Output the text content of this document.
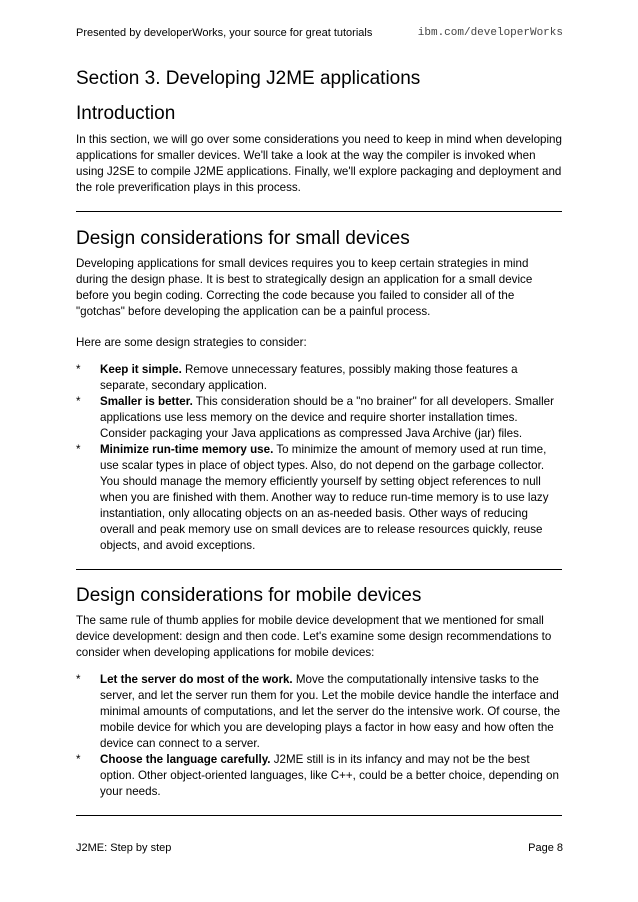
Presented by developerWorks, your source for great tutorials	ibm.com/developerWorks
Section 3. Developing J2ME applications
Introduction

In this section, we will go over some considerations you need to keep in mind when developing applications for smaller devices. We'll take a look at the way the compiler is invoked when using J2SE to compile J2ME applications. Finally, we'll explore packaging and deployment and the role preverification plays in this process.

Design considerations for small devices

Developing applications for small devices requires you to keep certain strategies in mind during the design phase. It is best to strategically design an application for a small device before you begin coding. Correcting the code because you failed to consider all of the "gotchas" before developing the application can be a painful process.

Here are some design strategies to consider:

* Keep it simple. Remove unnecessary features, possibly making those features a separate, secondary application.
* Smaller is better. This consideration should be a "no brainer" for all developers. Smaller applications use less memory on the device and require shorter installation times. Consider packaging your Java applications as compressed Java Archive (jar) files.
* Minimize run-time memory use. To minimize the amount of memory used at run time, use scalar types in place of object types. Also, do not depend on the garbage collector. You should manage the memory efficiently yourself by setting object references to null when you are finished with them. Another way to reduce run-time memory is to use lazy instantiation, only allocating objects on an as-needed basis. Other ways of reducing overall and peak memory use on small devices are to release resources quickly, reuse objects, and avoid exceptions.
Design considerations for mobile devices

The same rule of thumb applies for mobile device development that we mentioned for small device development: design and then code. Let's examine some design recommendations to consider when developing applications for mobile devices:

* Let the server do most of the work. Move the computationally intensive tasks to the server, and let the server run them for you. Let the mobile device handle the interface and minimal amounts of computations, and let the server do the intensive work. Of course, the mobile device for which you are developing plays a factor in how easy and how often the device can connect to a server.
* Choose the language carefully. J2ME still is in its infancy and may not be the best option. Other object-oriented languages, like C++, could be a better choice, depending on your needs.
J2ME: Step by step	Page 8
